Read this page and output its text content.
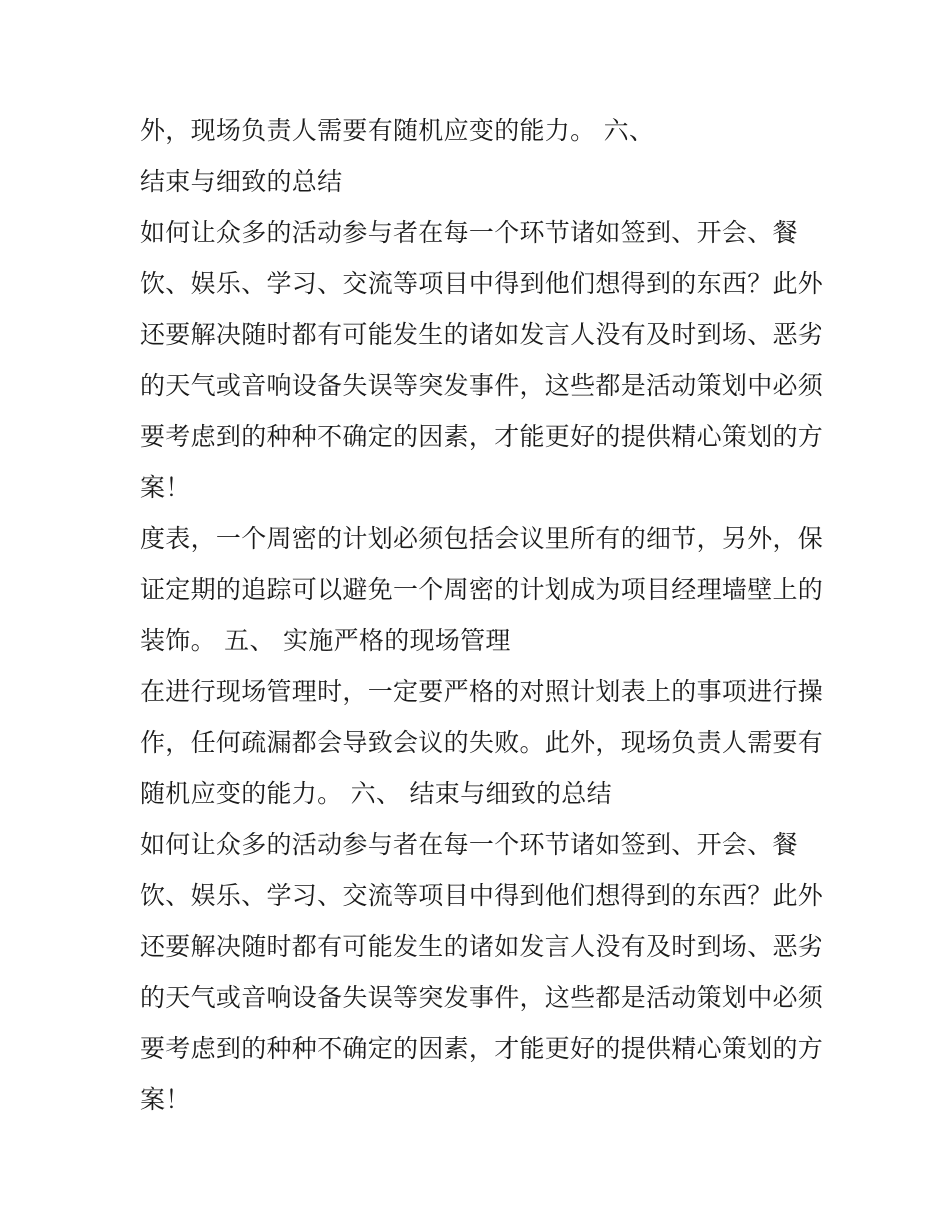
外，现场负责人需要有随机应变的能力。 六、
结束与细致的总结
如何让众多的活动参与者在每一个环节诸如签到、开会、餐
饮、娱乐、学习、交流等项目中得到他们想得到的东西？此外
还要解决随时都有可能发生的诸如发言人没有及时到场、恶劣
的天气或音响设备失误等突发事件，这些都是活动策划中必须
要考虑到的种种不确定的因素，才能更好的提供精心策划的方
案！
度表，一个周密的计划必须包括会议里所有的细节，另外，保
证定期的追踪可以避免一个周密的计划成为项目经理墙壁上的
装饰。 五、 实施严格的现场管理
在进行现场管理时，一定要严格的对照计划表上的事项进行操
作，任何疏漏都会导致会议的失败。此外，现场负责人需要有
随机应变的能力。 六、 结束与细致的总结
如何让众多的活动参与者在每一个环节诸如签到、开会、餐
饮、娱乐、学习、交流等项目中得到他们想得到的东西？此外
还要解决随时都有可能发生的诸如发言人没有及时到场、恶劣
的天气或音响设备失误等突发事件，这些都是活动策划中必须
要考虑到的种种不确定的因素，才能更好的提供精心策划的方
案！
